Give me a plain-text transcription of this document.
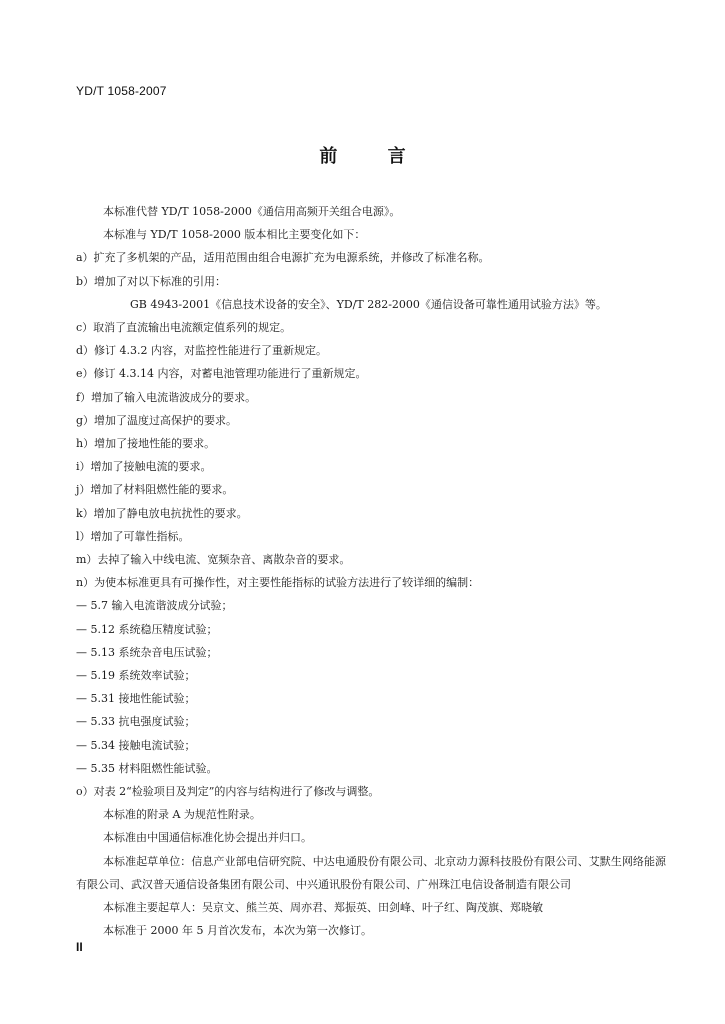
YD/T 1058-2007
前 言

本标准代替 YD/T 1058-2000《通信用高频开关组合电源》。

本标准与 YD/T 1058-2000 版本相比主要变化如下：

a）扩充了多机架的产品，适用范围由组合电源扩充为电源系统，并修改了标准名称。

b）增加了对以下标准的引用：

GB 4943-2001《信息技术设备的安全》、YD/T 282-2000《通信设备可靠性通用试验方法》等。

c）取消了直流输出电流额定值系列的规定。

d）修订 4.3.2 内容，对监控性能进行了重新规定。

e）修订 4.3.14 内容，对蓄电池管理功能进行了重新规定。

f）增加了输入电流谐波成分的要求。

g）增加了温度过高保护的要求。

h）增加了接地性能的要求。

i）增加了接触电流的要求。

j）增加了材料阻燃性能的要求。

k）增加了静电放电抗扰性的要求。

l）增加了可靠性指标。

m）去掉了输入中线电流、宽频杂音、离散杂音的要求。

n）为使本标准更具有可操作性，对主要性能指标的试验方法进行了较详细的编制：

— 5.7 输入电流谐波成分试验；

— 5.12 系统稳压精度试验；

— 5.13 系统杂音电压试验；

— 5.19 系统效率试验；

— 5.31 接地性能试验；

— 5.33 抗电强度试验；

— 5.34 接触电流试验；

— 5.35 材料阻燃性能试验。

o）对表 2“检验项目及判定”的内容与结构进行了修改与调整。

本标准的附录 A 为规范性附录。

本标准由中国通信标准化协会提出并归口。

本标准起草单位：信息产业部电信研究院、中达电通股份有限公司、北京动力源科技股份有限公司、艾默生网络能源有限公司、武汉普天通信设备集团有限公司、中兴通讯股份有限公司、广州珠江电信设备制造有限公司

本标准主要起草人：吴京文、熊兰英、周亦君、郑振英、田剑峰、叶子红、陶茂旗、郑晓敏

本标准于 2000 年 5 月首次发布，本次为第一次修订。

II
